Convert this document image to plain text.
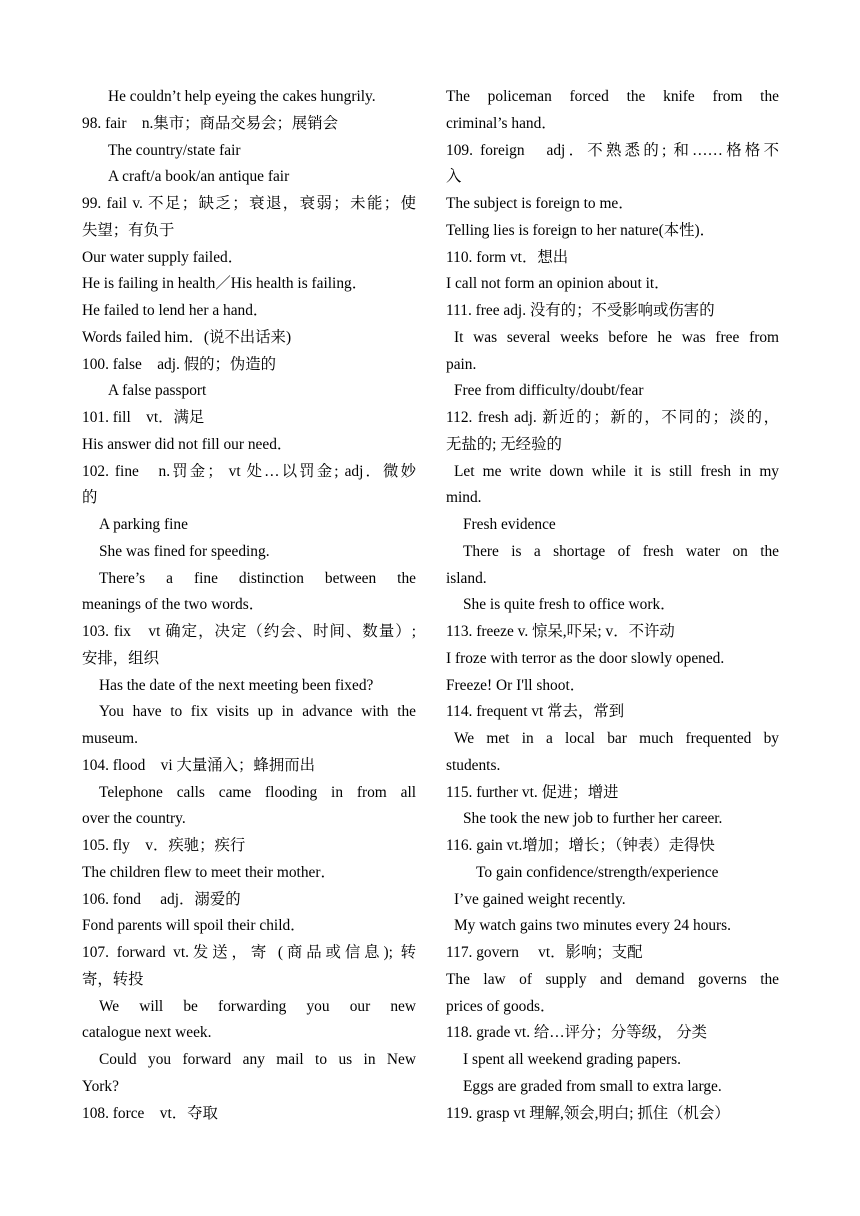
He couldn’t help eyeing the cakes hungrily.
98. fair　n.集市；商品交易会；展销会
The country/state fair
A craft/a book/an antique fair
99. fail v. 不足；缺乏；衰退，衰弱；未能；使
失望；有负于
Our water supply failed．
He is failing in health／His health is failing．
He failed to lend her a hand．
Words failed him．(说不出话来)
100. false　adj. 假的；伪造的
A false passport
101. fill　vt．满足
His answer did not fill our need．
102. fine　n.罚金； vt 处…以罚金; adj．微妙
的
A parking fine
She was fined for speeding.
There’s a fine distinction between the
meanings of the two words．
103. fix　vt 确定，决定（约会、时间、数量）;
安排，组织
Has the date of the next meeting been fixed?
You have to fix visits up in advance with the
museum.
104. flood　vi 大量涌入；蜂拥而出
Telephone calls came flooding in from all
over the country.
105. fly　v．疾驰；疾行
The children flew to meet their mother．
106. fond　 adj．溺爱的
Fond parents will spoil their child．
107. forward vt.发送，寄 (商品或信息); 转
寄，转投
We will be forwarding you our new
catalogue next week.
Could you forward any mail to us in New
York?
108. force　vt．夺取
The policeman forced the knife from the
criminal’s hand．
109. foreign　adj．不熟悉的; 和……格格不
入
The subject is foreign to me．
Telling lies is foreign to her nature(本性)．
110. form vt．想出
I call not form an opinion about it．
111. free adj. 没有的；不受影响或伤害的
It was several weeks before he was free from
pain.
Free from difficulty/doubt/fear
112. fresh adj. 新近的；新的，不同的；淡的，
无盐的; 无经验的
Let me write down while it is still fresh in my
mind.
Fresh evidence
There is a shortage of fresh water on the
island.
She is quite fresh to office work．
113. freeze v. 惊呆,吓呆; v．不许动
I froze with terror as the door slowly opened.
Freeze! Or I'll shoot．
114. frequent vt 常去，常到
We met in a local bar much frequented by
students.
115. further vt. 促进；增进
She took the new job to further her career.
116. gain vt.增加；增长；（钟表）走得快
To gain confidence/strength/experience
I’ve gained weight recently.
My watch gains two minutes every 24 hours.
117. govern　 vt．影响；支配
The law of supply and demand governs the
prices of goods．
118. grade vt. 给…评分；分等级， 分类
I spent all weekend grading papers.
Eggs are graded from small to extra large.
119. grasp vt 理解,领会,明白; 抓住（机会）
